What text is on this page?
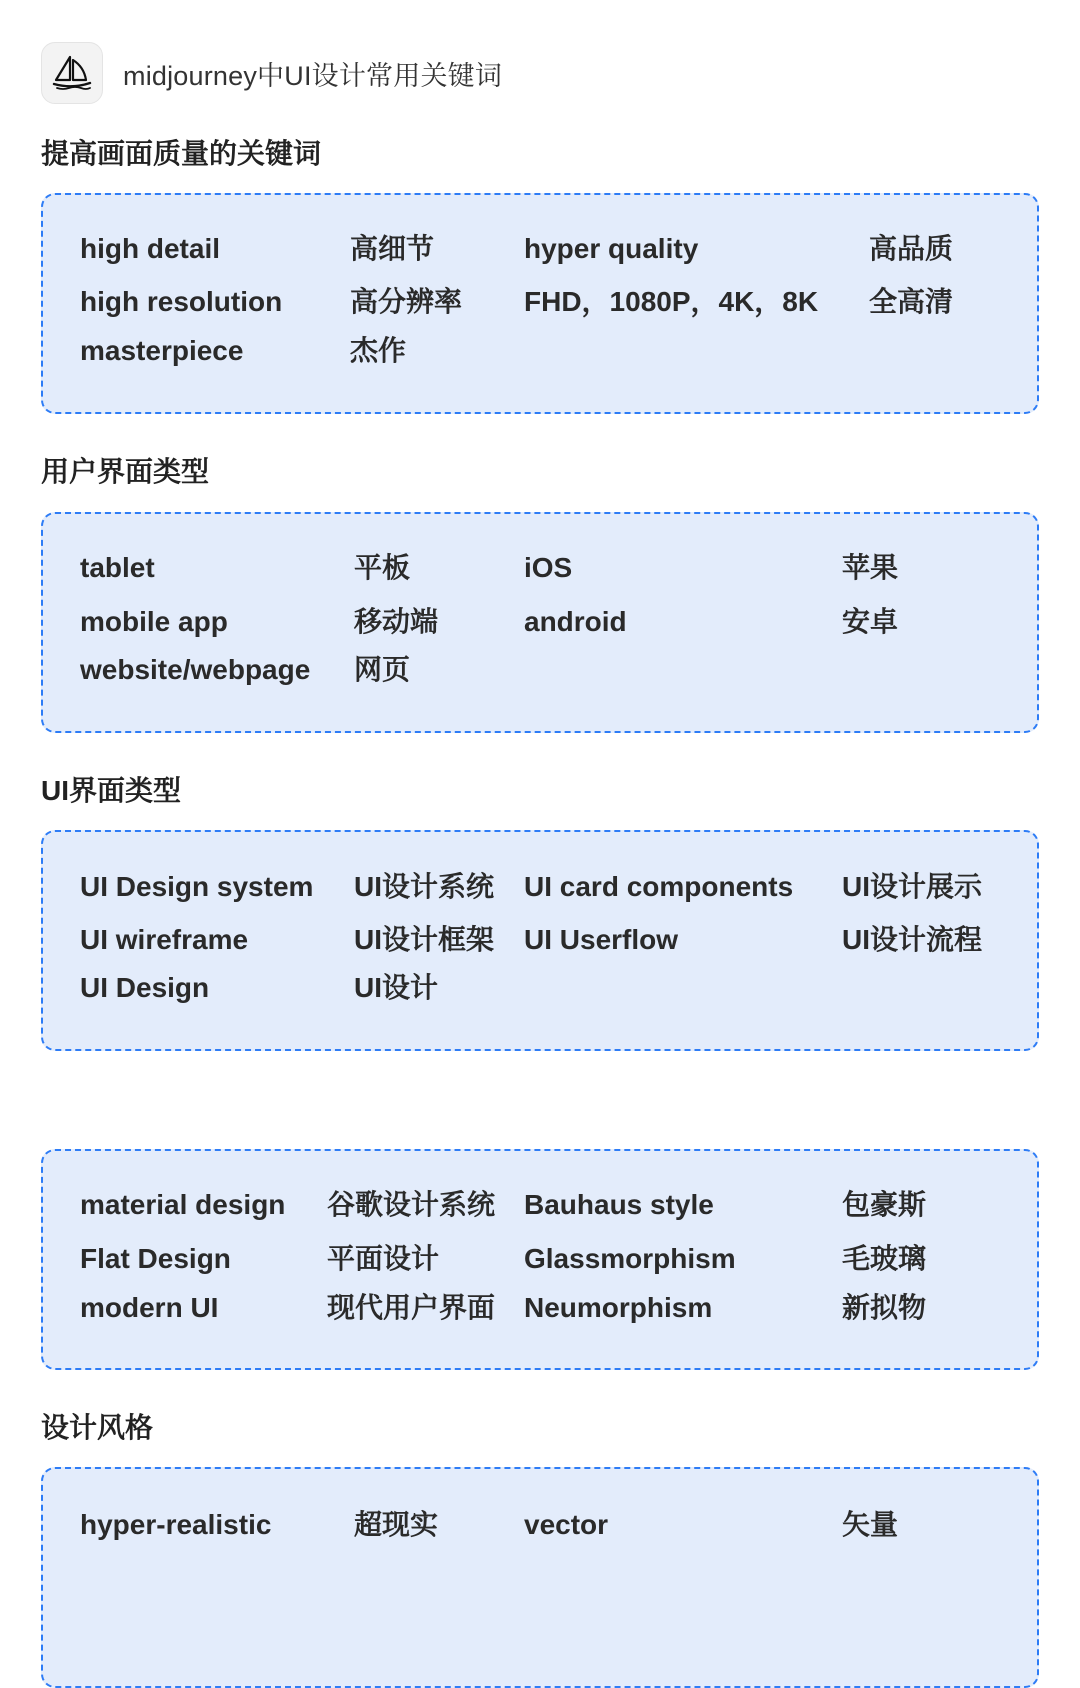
midjourney中UI设计常用关键词
提高画面质量的关键词
high detail	高细节	hyper quality	高品质
high resolution 高分辨率 FHD，1080P，4K，8K 全高清
masterpiece	杰作
用户界面类型
tablet	平板	iOS	苹果
mobile app	移动端	android	安卓
website/webpage 网页
UI界面类型
UI Design system UI设计系统 UI card components UI设计展示
UI wireframe	UI设计框架 UI Userflow	UI设计流程
UI Design	UI设计
material design 谷歌设计系统 Bauhaus style	包豪斯
Flat Design	平面设计	Glassmorphism	毛玻璃
modern UI	现代用户界面 Neumorphism	新拟物
设计风格
hyper-realistic	超现实	vector	矢量
